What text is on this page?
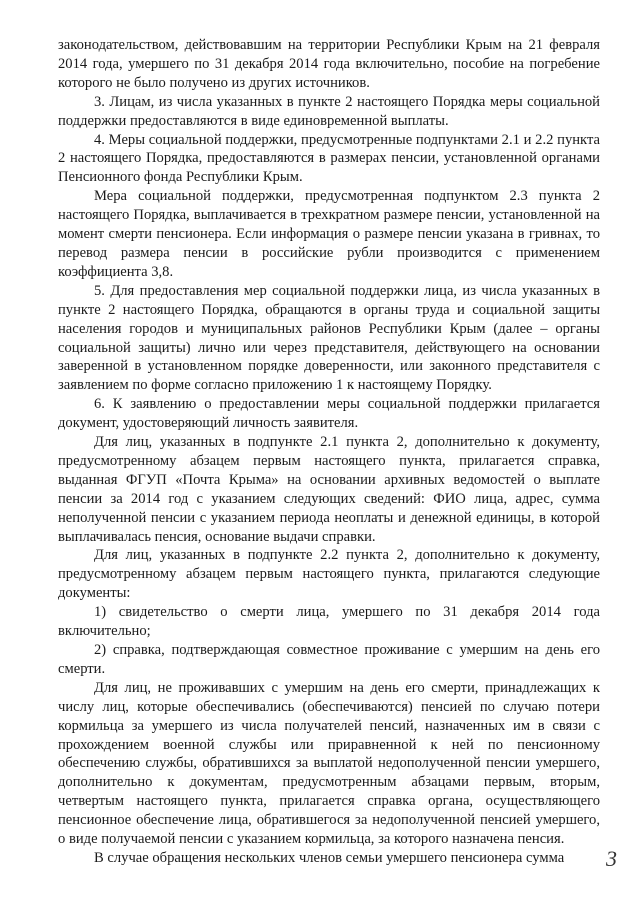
законодательством, действовавшим на территории Республики Крым на 21 февраля 2014 года, умершего по 31 декабря 2014 года включительно, пособие на погребение которого не было получено из других источников.

3. Лицам, из числа указанных в пункте 2 настоящего Порядка меры социальной поддержки предоставляются в виде единовременной выплаты.

4. Меры социальной поддержки, предусмотренные подпунктами 2.1 и 2.2 пункта 2 настоящего Порядка, предоставляются в размерах пенсии, установленной органами Пенсионного фонда Республики Крым.

Мера социальной поддержки, предусмотренная подпунктом 2.3 пункта 2 настоящего Порядка, выплачивается в трехкратном размере пенсии, установленной на момент смерти пенсионера. Если информация о размере пенсии указана в гривнах, то перевод размера пенсии в российские рубли производится с применением коэффициента 3,8.

5. Для предоставления мер социальной поддержки лица, из числа указанных в пункте 2 настоящего Порядка, обращаются в органы труда и социальной защиты населения городов и муниципальных районов Республики Крым (далее – органы социальной защиты) лично или через представителя, действующего на основании заверенной в установленном порядке доверенности, или законного представителя с заявлением по форме согласно приложению 1 к настоящему Порядку.

6. К заявлению о предоставлении меры социальной поддержки прилагается документ, удостоверяющий личность заявителя.

Для лиц, указанных в подпункте 2.1 пункта 2, дополнительно к документу, предусмотренному абзацем первым настоящего пункта, прилагается справка, выданная ФГУП «Почта Крыма» на основании архивных ведомостей о выплате пенсии за 2014 год с указанием следующих сведений: ФИО лица, адрес, сумма неполученной пенсии с указанием периода неоплаты и денежной единицы, в которой выплачивалась пенсия, основание выдачи справки.

Для лиц, указанных в подпункте 2.2 пункта 2, дополнительно к документу, предусмотренному абзацем первым настоящего пункта, прилагаются следующие документы:

1) свидетельство о смерти лица, умершего по 31 декабря 2014 года включительно;

2) справка, подтверждающая совместное проживание с умершим на день его смерти.

Для лиц, не проживавших с умершим на день его смерти, принадлежащих к числу лиц, которые обеспечивались (обеспечиваются) пенсией по случаю потери кормильца за умершего из числа получателей пенсий, назначенных им в связи с прохождением военной службы или приравненной к ней по пенсионному обеспечению службы, обратившихся за выплатой недополученной пенсии умершего, дополнительно к документам, предусмотренным абзацами первым, вторым, четвертым настоящего пункта, прилагается справка органа, осуществляющего пенсионное обеспечение лица, обратившегося за недополученной пенсией умершего, о виде получаемой пенсии с указанием кормильца, за которого назначена пенсия.

В случае обращения нескольких членов семьи умершего пенсионера сумма	3
